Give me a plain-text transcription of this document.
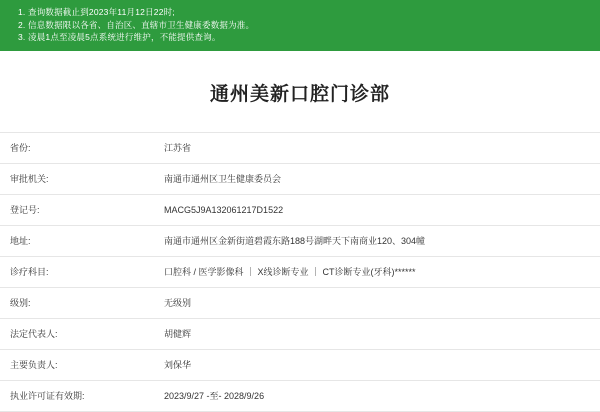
1. 查询数据截止到2023年11月12日22时;
2. 信息数据限以各省、自治区、直辖市卫生健康委数据为准。
3. 凌晨1点至凌晨5点系统进行维护，不能提供查询。
通州美新口腔门诊部
省份:	江苏省
审批机关:	南通市通州区卫生健康委员会
登记号:	MACG5J9A132061217D1522
地址:	南通市通州区金新街道碧霞东路188号湖畔天下南商业120、304幢
诊疗科目:	口腔科 / 医学影像科 ｜ X线诊断专业 ｜ CT诊断专业(牙科)******
级别:	无级别
法定代表人:	胡健辉
主要负责人:	刘保华
执业许可证有效期:	2023/9/27 -至- 2028/9/26
